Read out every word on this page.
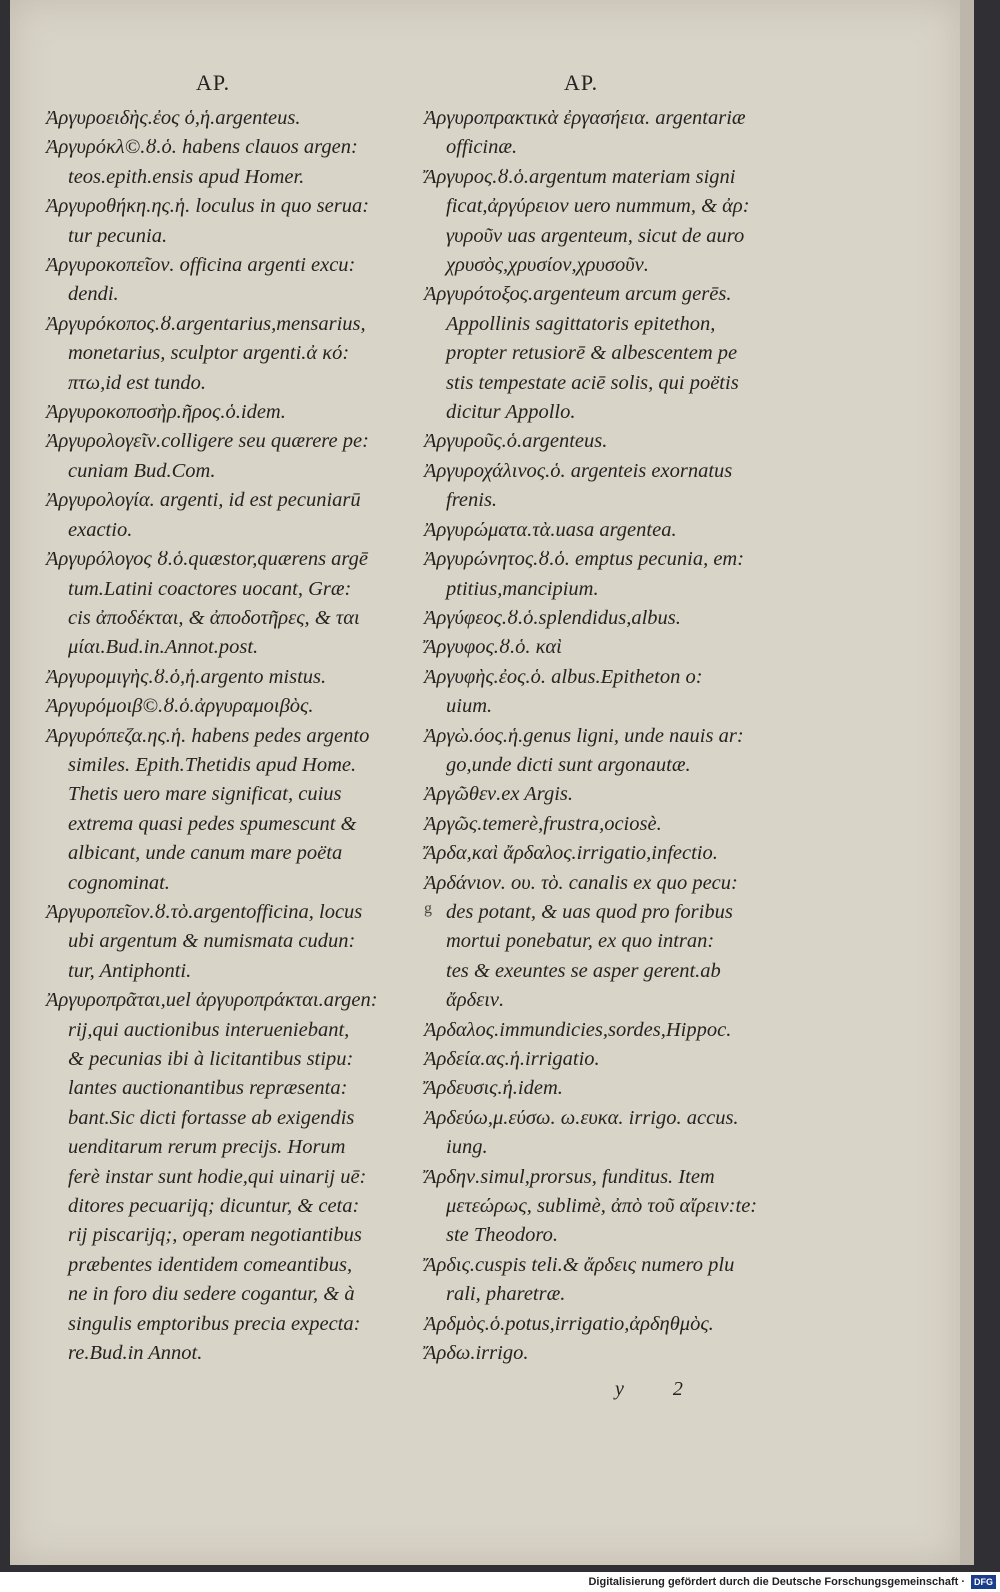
AP.
Ἀργυροειδὴς.ἐος ὁ,ἡ.argenteus.
Ἀργυρόκλ©.ȣ.ὁ. habens clauos argen:
teos.epith.ensis apud Homer.
Ἀργυροθήκη.ης.ἡ. loculus in quo serua:
tur pecunia.
Ἀργυροκοπεῖον. officina argenti excu:
dendi.
Ἀργυρόκοπος.ȣ.argentarius,mensarius,
monetarius, sculptor argenti.ἀ κό:
πτω,id est tundo.
Ἀργυροκοποσὴρ.ῆρος.ὁ.idem.
Ἀργυρολογεῖν.colligere seu quærere pe:
cuniam Bud.Com.
Ἀργυρολογία. argenti, id est pecuniarū
exactio.
Ἀργυρόλογος ȣ.ὁ.quæstor,quærens argē
tum.Latini coactores uocant, Græ:
cis ἀποδέκται, & ἀποδοτῆρες, & ται
μίαι.Bud.in.Annot.post.
Ἀργυρομιγὴς.ȣ.ὁ,ἡ.argento mistus.
Ἀργυρόμοιβ©.ȣ.ὁ.ἀργυραμοιβὸς.
Ἀργυρόπεζα.ης.ἡ. habens pedes argento
similes. Epith.Thetidis apud Home.
Thetis uero mare significat, cuius
extrema quasi pedes spumescunt &
albicant, unde canum mare poëta
cognominat.
Ἀργυροπεῖον.ȣ.τὸ.argentofficina, locus
ubi argentum & numismata cudun:
tur, Antiphonti.
Ἀργυροπρᾶται,uel ἀργυροπράκται.argen:
rij,qui auctionibus interueniebant,
& pecunias ibi à licitantibus stipu:
lantes auctionantibus repræsenta:
bant.Sic dicti fortasse ab exigendis
uenditarum rerum precijs. Horum
ferè instar sunt hodie,qui uinarij uē:
ditores pecuarijq; dicuntur, & ceta:
rij piscarijq;, operam negotiantibus
præbentes identidem comeantibus,
ne in foro diu sedere cogantur, & à
singulis emptoribus precia expecta:
re.Bud.in Annot.
AP.
Ἀργυροπρακτικὰ ἐργασήεια. argentariæ
officinæ.
Ἄργυρος.ȣ.ὁ.argentum materiam signi
ficat,ἀργύρειον uero nummum, & ἀρ:
γυροῦν uas argenteum, sicut de auro
χρυσὸς,χρυσίον,χρυσοῦν.
Ἀργυρότοξος.argenteum arcum gerēs.
Appollinis sagittatoris epitethon,
propter retusiorē & albescentem pe
stis tempestate aciē solis, qui poëtis
dicitur Appollo.
Ἀργυροῦς.ὁ.argenteus.
Ἀργυροχάλινος.ὁ. argenteis exornatus
frenis.
Ἀργυρώματα.τὰ.uasa argentea.
Ἀργυρώνητος.ȣ.ὁ. emptus pecunia, em:
ptitius,mancipium.
Ἀργύφεος.ȣ.ὁ.splendidus,albus.
Ἄργυφος.ȣ.ὁ. καὶ
Ἀργυφὴς.ἐος.ὁ. albus.Epitheton o:
uium.
Ἀργὼ.όος.ἡ.genus ligni, unde nauis ar:
go,unde dicti sunt argonautæ.
Ἀργῶθεν.ex Argis.
Ἀργῶς.temerè,frustra,ociosè.
Ἄρδα,καὶ ἄρδαλος.irrigatio,infectio.
Ἀρδάνιον. ου. τὸ. canalis ex quo pecu:
des potant, & uas quod pro foribus
mortui ponebatur, ex quo intran:
tes & exeuntes se asper gerent.ab
ἄρδειν.
Ἀρδαλος.immundicies,sordes,Hippoc.
Ἀρδεία.ας.ἡ.irrigatio.
Ἄρδευσις.ἡ.idem.
Ἀρδεύω,μ.εύσω. ω.ευκα. irrigo. accus.
iung.
Ἄρδην.simul,prorsus, funditus. Item
μετεώρως, sublimè, ἀπὸ τοῦ αἴρειν:te:
ste Theodoro.
Ἄρδις.cuspis teli.& ἄρδεις numero plu
rali, pharetræ.
Ἀρδμὸς.ὁ.potus,irrigatio,ἀρδηθμὸς.
Ἄρδω.irrigo.
g
y 2
Digitalisierung gefördert durch die Deutsche Forschungsgemeinschaft · DFG
